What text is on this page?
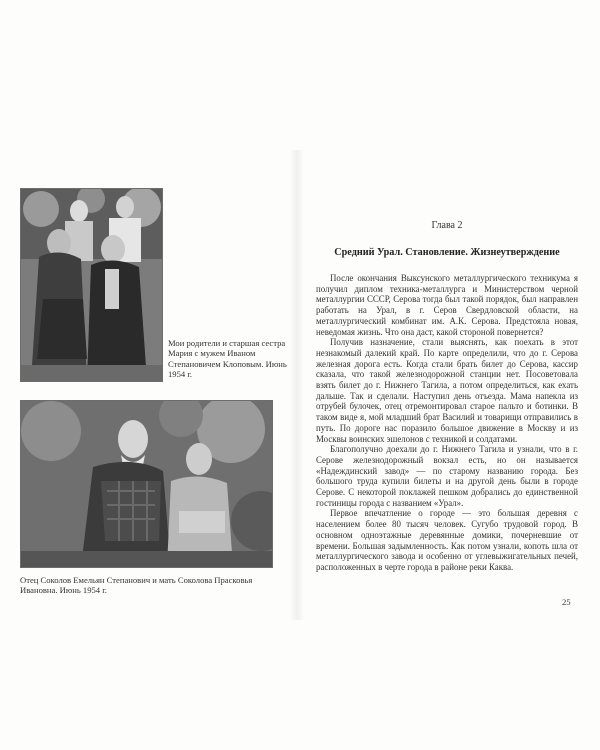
Мои родители и старшая сестра Мария с мужем Иваном Степановичем Клоповым. Июнь 1954 г.

Отец Соколов Емельян Степанович и мать Соколова Прасковья Ивановна. Июнь 1954 г.

Глава 2

Средний Урал. Становление. Жизнеутверждение

После окончания Выксунского металлургического техникума я получил диплом техника-металлурга и Министерством черной металлургии СССР, Серова тогда был такой порядок, был направлен работать на Урал, в г. Серов Свердловской области, на металлургический комбинат им. А.К. Серова. Предстояла новая, неведомая жизнь. Что она даст, какой стороной повернется?

Получив назначение, стали выяснять, как поехать в этот незнакомый далекий край. По карте определили, что до г. Серова железная дорога есть. Когда стали брать билет до Серова, кассир сказала, что такой железнодорожной станции нет. Посоветовала взять билет до г. Нижнего Тагила, а потом определиться, как ехать дальше. Так и сделали. Наступил день отъезда. Мама напекла из отрубей булочек, отец отремонтировал старое пальто и ботинки. В таком виде я, мой младший брат Василий и товарищи отправились в путь. По дороге нас поразило большое движение в Москву и из Москвы воинских эшелонов с техникой и солдатами.

Благополучно доехали до г. Нижнего Тагила и узнали, что в г. Серове железнодорожный вокзал есть, но он называется «Надеждинский завод» — по старому названию города. Без большого труда купили билеты и на другой день были в городе Серове. С некоторой поклажей пешком добрались до единственной гостиницы города с названием «Урал».

Первое впечатление о городе — это большая деревня с населением более 80 тысяч человек. Сугубо трудовой город. В основном одноэтажные деревянные домики, почерневшие от времени. Большая задымленность. Как потом узнали, копоть шла от металлургического завода и особенно от углевыжигательных печей, расположенных в черте города в районе реки Каква.

25
